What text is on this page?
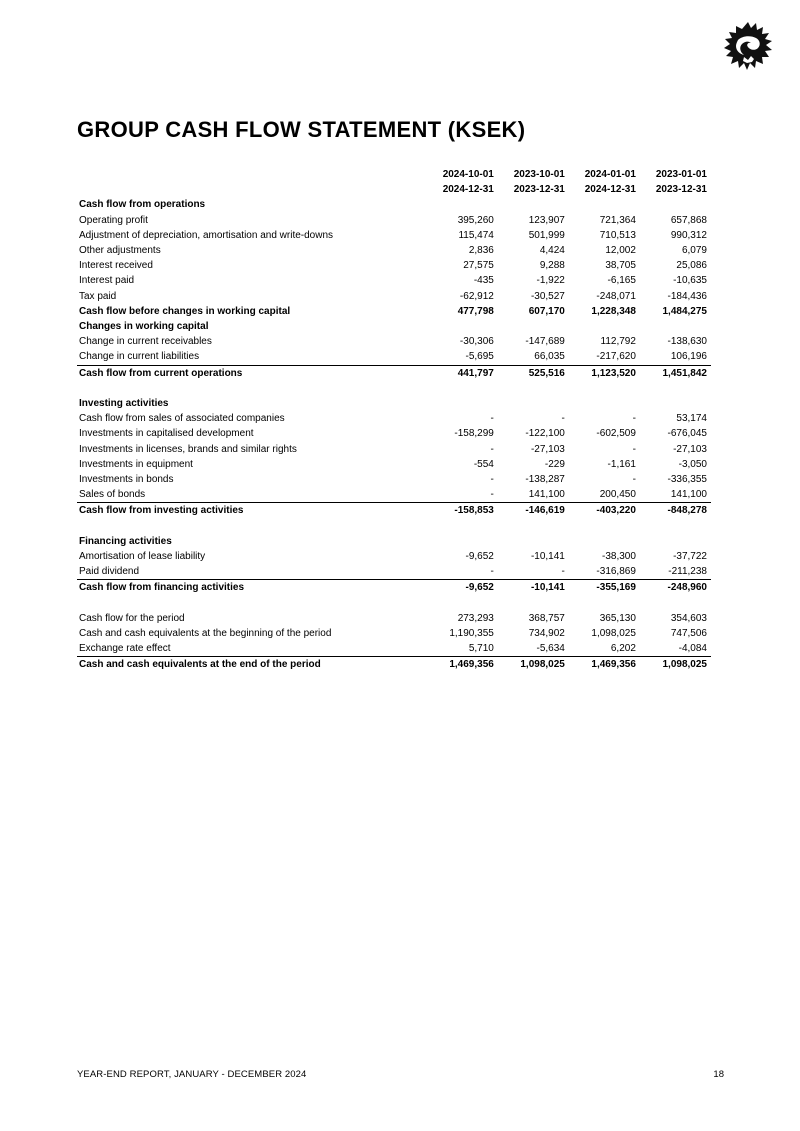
GROUP CASH FLOW STATEMENT (KSEK)
	2024-10-01	2023-10-01	2024-01-01	2023-01-01
	2024-12-31	2023-12-31	2024-12-31	2023-12-31
Cash flow from operations				
Operating profit	395,260	123,907	721,364	657,868
Adjustment of depreciation, amortisation and write-downs	115,474	501,999	710,513	990,312
Other adjustments	2,836	4,424	12,002	6,079
Interest received	27,575	9,288	38,705	25,086
Interest paid	-435	-1,922	-6,165	-10,635
Tax paid	-62,912	-30,527	-248,071	-184,436
Cash flow before changes in working capital	477,798	607,170	1,228,348	1,484,275
Changes in working capital				
Change in current receivables	-30,306	-147,689	112,792	-138,630
Change in current liabilities	-5,695	66,035	-217,620	106,196
Cash flow from current operations	441,797	525,516	1,123,520	1,451,842

Investing activities				
Cash flow from sales of associated companies	-	-	-	53,174
Investments in capitalised development	-158,299	-122,100	-602,509	-676,045
Investments in licenses, brands and similar rights	-	-27,103	-	-27,103
Investments in equipment	-554	-229	-1,161	-3,050
Investments in bonds	-	-138,287	-	-336,355
Sales of bonds	-	141,100	200,450	141,100
Cash flow from investing activities	-158,853	-146,619	-403,220	-848,278

Financing activities				
Amortisation of lease liability	-9,652	-10,141	-38,300	-37,722
Paid dividend	-	-	-316,869	-211,238
Cash flow from financing activities	-9,652	-10,141	-355,169	-248,960

Cash flow for the period	273,293	368,757	365,130	354,603
Cash and cash equivalents at the beginning of the period	1,190,355	734,902	1,098,025	747,506
Exchange rate effect	5,710	-5,634	6,202	-4,084
Cash and cash equivalents at the end of the period	1,469,356	1,098,025	1,469,356	1,098,025
YEAR-END REPORT, JANUARY - DECEMBER 2024	18
